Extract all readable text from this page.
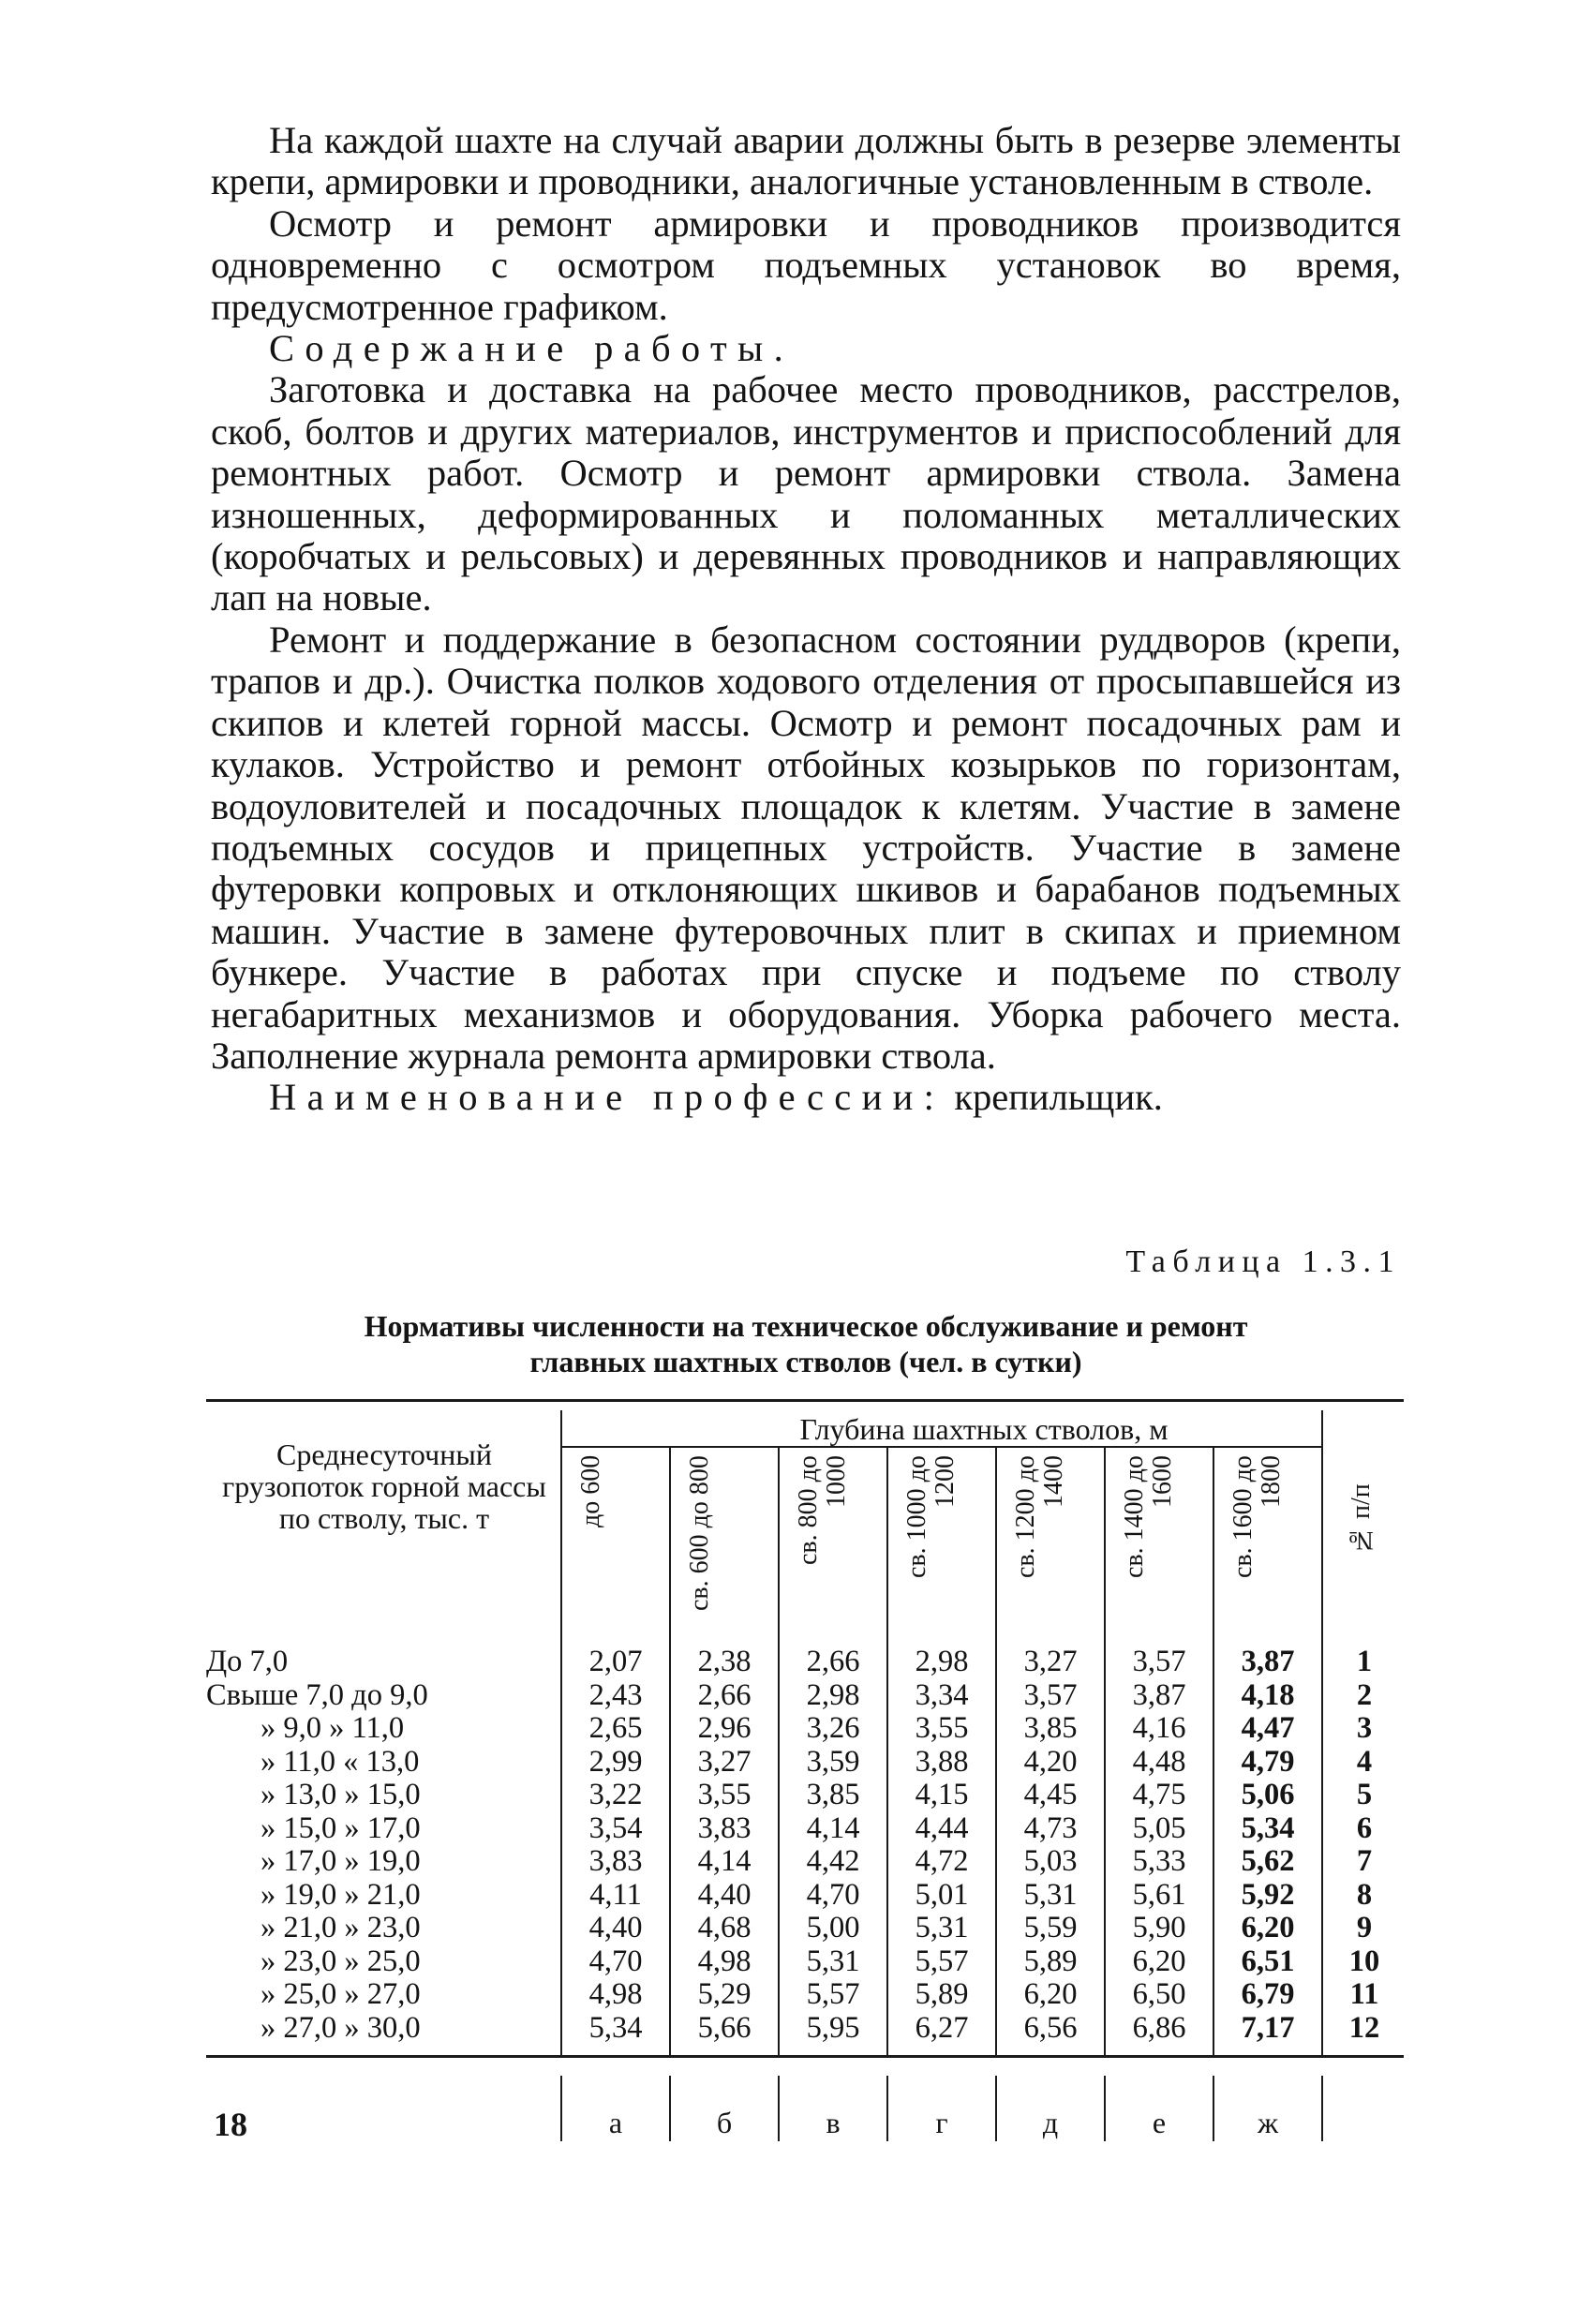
На каждой шахте на случай аварии должны быть в резерве элементы крепи, армировки и проводники, аналогичные установленным в стволе.

Осмотр и ремонт армировки и проводников производится одновременно с осмотром подъемных установок во время, предусмотренное графиком.

Содержание работы.

Заготовка и доставка на рабочее место проводников, расстрелов, скоб, болтов и других материалов, инструментов и приспособлений для ремонтных работ. Осмотр и ремонт армировки ствола. Замена изношенных, деформированных и поломанных металлических (коробчатых и рельсовых) и деревянных проводников и направляющих лап на новые.

Ремонт и поддержание в безопасном состоянии руддворов (крепи, трапов и др.). Очистка полков ходового отделения от просыпавшейся из скипов и клетей горной массы. Осмотр и ремонт посадочных рам и кулаков. Устройство и ремонт отбойных козырьков по горизонтам, водоуловителей и посадочных площадок к клетям. Участие в замене подъемных сосудов и прицепных устройств. Участие в замене футеровки копровых и отклоняющих шкивов и барабанов подъемных машин. Участие в замене футеровочных плит в скипах и приемном бункере. Участие в работах при спуске и подъеме по стволу негабаритных механизмов и оборудования. Уборка рабочего места. Заполнение журнала ремонта армировки ствола.

Наименование профессии: крепильщик.

Таблица 1.3.1
Нормативы численности на техническое обслуживание и ремонт
главных шахтных стволов (чел. в сутки)
Среднесуточный грузопоток горной массы по стволу, тыс. т
Глубина шахтных стволов, м
до 600	св. 600 до 800	св. 800 до 1000	св. 1000 до 1200	св. 1200 до 1400	св. 1400 до 1600	св. 1600 до 1800
№ п/п
До 7,0	2,07	2,38	2,66	2,98	3,27	3,57	3,87	1
Свыше 7,0 до 9,0	2,43	2,66	2,98	3,34	3,57	3,87	4,18	2
» 9,0 » 11,0	2,65	2,96	3,26	3,55	3,85	4,16	4,47	3
» 11,0 « 13,0	2,99	3,27	3,59	3,88	4,20	4,48	4,79	4
» 13,0 » 15,0	3,22	3,55	3,85	4,15	4,45	4,75	5,06	5
» 15,0 » 17,0	3,54	3,83	4,14	4,44	4,73	5,05	5,34	6
» 17,0 » 19,0	3,83	4,14	4,42	4,72	5,03	5,33	5,62	7
» 19,0 » 21,0	4,11	4,40	4,70	5,01	5,31	5,61	5,92	8
» 21,0 » 23,0	4,40	4,68	5,00	5,31	5,59	5,90	6,20	9
» 23,0 » 25,0	4,70	4,98	5,31	5,57	5,89	6,20	6,51	10
» 25,0 » 27,0	4,98	5,29	5,57	5,89	6,20	6,50	6,79	11
» 27,0 » 30,0	5,34	5,66	5,95	6,27	6,56	6,86	7,17	12
а	б	в	г	д	е	ж
18
